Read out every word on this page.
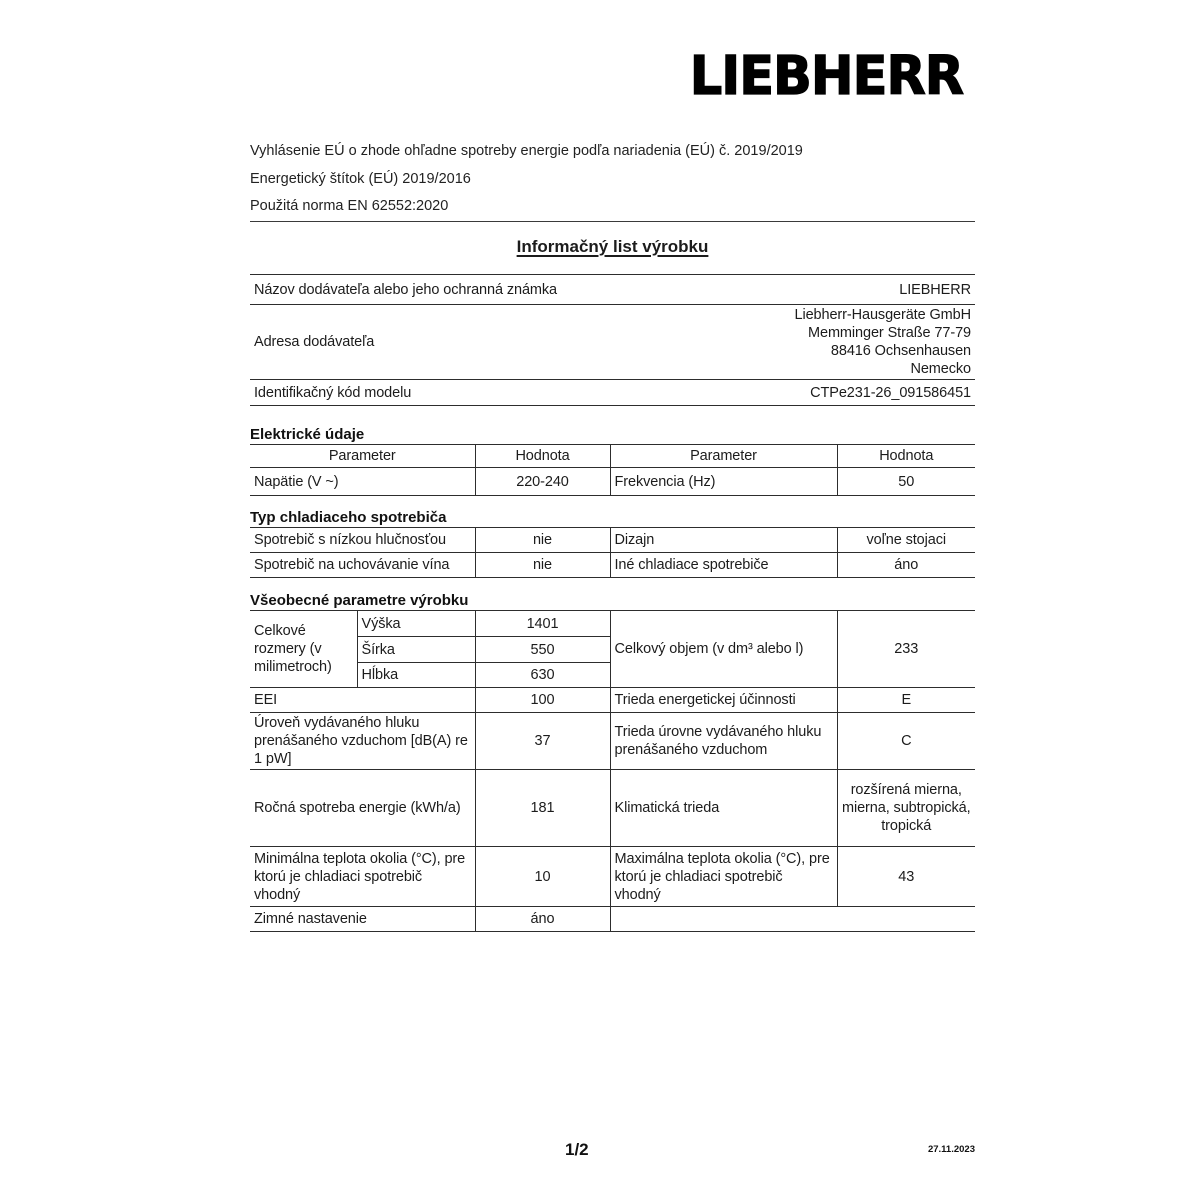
LIEBHERR
Vyhlásenie EÚ o zhode ohľadne spotreby energie podľa nariadenia (EÚ) č. 2019/2019
Energetický štítok (EÚ) 2019/2016
Použitá norma EN 62552:2020
Informačný list výrobku
Názov dodávateľa alebo jeho ochranná známka	LIEBHERR
Adresa dodávateľa	Liebherr-Hausgeräte GmbH
Memminger Straße 77-79
88416 Ochsenhausen
Nemecko

Identifikačný kód modelu	CTPe231-26_091586451
Elektrické údaje
Parameter	Hodnota	Parameter	Hodnota
Napätie (V ~)	220-240	Frekvencia (Hz)	50
Typ chladiaceho spotrebiča
Spotrebič s nízkou hlučnosťou	nie	Dizajn	voľne stojaci
Spotrebič na uchovávanie vína	nie	Iné chladiace spotrebiče	áno
Všeobecné parametre výrobku
Celkové rozmery (v milimetroch)	Výška	1401	Celkový objem (v dm³ alebo l)	233
	Šírka	550		
	Hĺbka	630		
EEI		100	Trieda energetickej účinnosti	E
Úroveň vydávaného hluku prenášaného vzduchom [dB(A) re 1 pW]		37	Trieda úrovne vydávaného hluku prenášaného vzduchom	C
Ročná spotreba energie (kWh/a)		181	Klimatická trieda	rozšírená mierna, mierna, subtropická, tropická
Minimálna teplota okolia (°C), pre ktorú je chladiaci spotrebič vhodný		10	Maximálna teplota okolia (°C), pre ktorú je chladiaci spotrebič vhodný	43
Zimné nastavenie		áno		
1/2	27.11.2023
